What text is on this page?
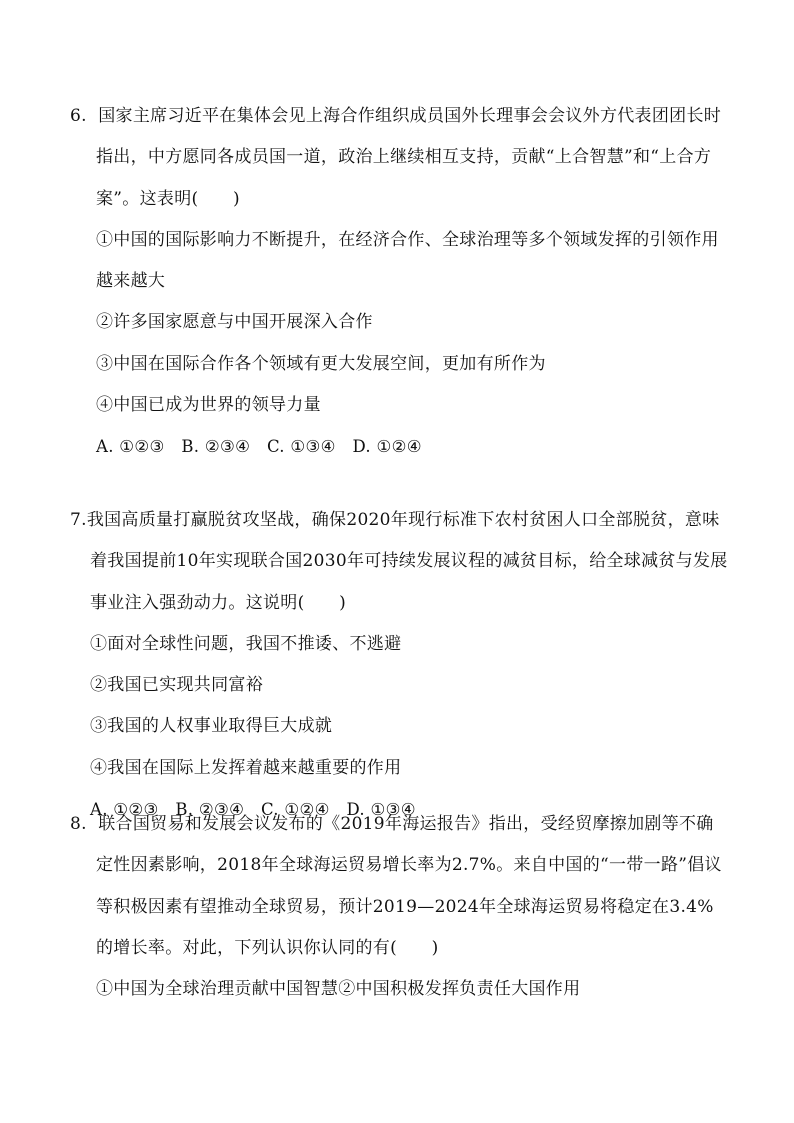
6. 国家主席习近平在集体会见上海合作组织成员国外长理事会会议外方代表团团长时指出，中方愿同各成员国一道，政治上继续相互支持，贡献“上合智慧”和“上合方案”。这表明(　　)

①中国的国际影响力不断提升，在经济合作、全球治理等多个领域发挥的引领作用越来越大

②许多国家愿意与中国开展深入合作

③中国在国际合作各个领域有更大发展空间，更加有所作为

④中国已成为世界的领导力量

A. ①②③　B. ②③④　C. ①③④　D. ①②④

7.我国高质量打赢脱贫攻坚战，确保2020年现行标准下农村贫困人口全部脱贫，意味着我国提前10年实现联合国2030年可持续发展议程的减贫目标，给全球减贫与发展事业注入强劲动力。这说明(　　)

①面对全球性问题，我国不推诿、不逃避

②我国已实现共同富裕

③我国的人权事业取得巨大成就

④我国在国际上发挥着越来越重要的作用

A. ①②③　B. ②③④　C. ①②④　D. ①③④

8. 联合国贸易和发展会议发布的《2019年海运报告》指出，受经贸摩擦加剧等不确定性因素影响，2018年全球海运贸易增长率为2.7%。来自中国的“一带一路”倡议等积极因素有望推动全球贸易，预计2019—2024年全球海运贸易将稳定在3.4%的增长率。对此，下列认识你认同的有(　　)

①中国为全球治理贡献中国智慧②中国积极发挥负责任大国作用
